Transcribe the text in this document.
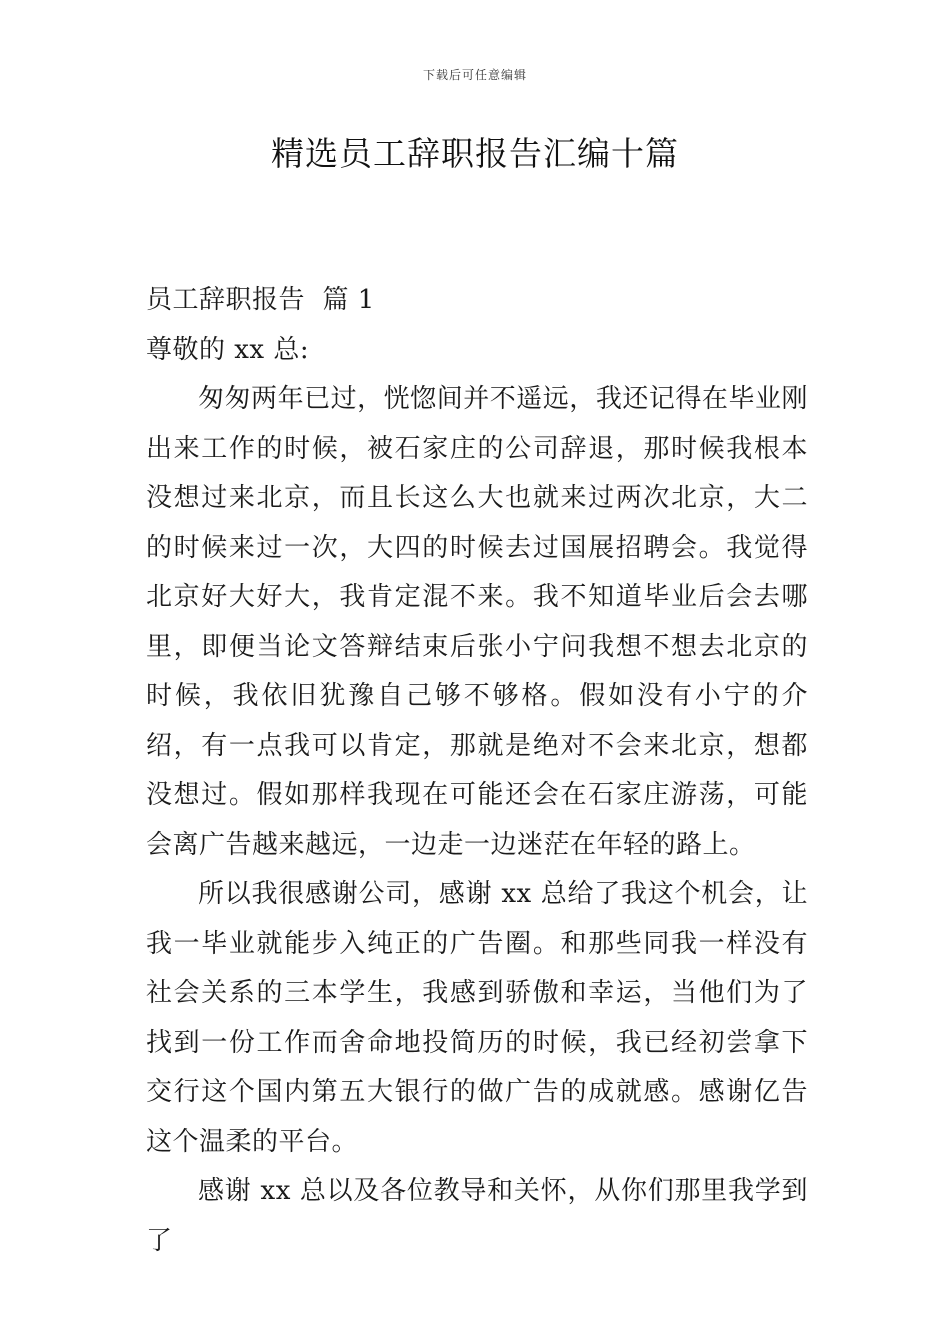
下载后可任意编辑
精选员工辞职报告汇编十篇

员工辞职报告  篇 1

尊敬的 xx 总:

匆匆两年已过，恍惚间并不遥远，我还记得在毕业刚出来工作的时候，被石家庄的公司辞退，那时候我根本没想过来北京，而且长这么大也就来过两次北京，大二的时候来过一次，大四的时候去过国展招聘会。我觉得北京好大好大，我肯定混不来。我不知道毕业后会去哪里，即便当论文答辩结束后张小宁问我想不想去北京的时候，我依旧犹豫自己够不够格。假如没有小宁的介绍，有一点我可以肯定，那就是绝对不会来北京，想都没想过。假如那样我现在可能还会在石家庄游荡，可能会离广告越来越远，一边走一边迷茫在年轻的路上。

所以我很感谢公司，感谢 xx 总给了我这个机会，让我一毕业就能步入纯正的广告圈。和那些同我一样没有社会关系的三本学生，我感到骄傲和幸运，当他们为了找到一份工作而舍命地投简历的时候，我已经初尝拿下交行这个国内第五大银行的做广告的成就感。感谢亿告这个温柔的平台。

感谢 xx 总以及各位教导和关怀，从你们那里我学到了
